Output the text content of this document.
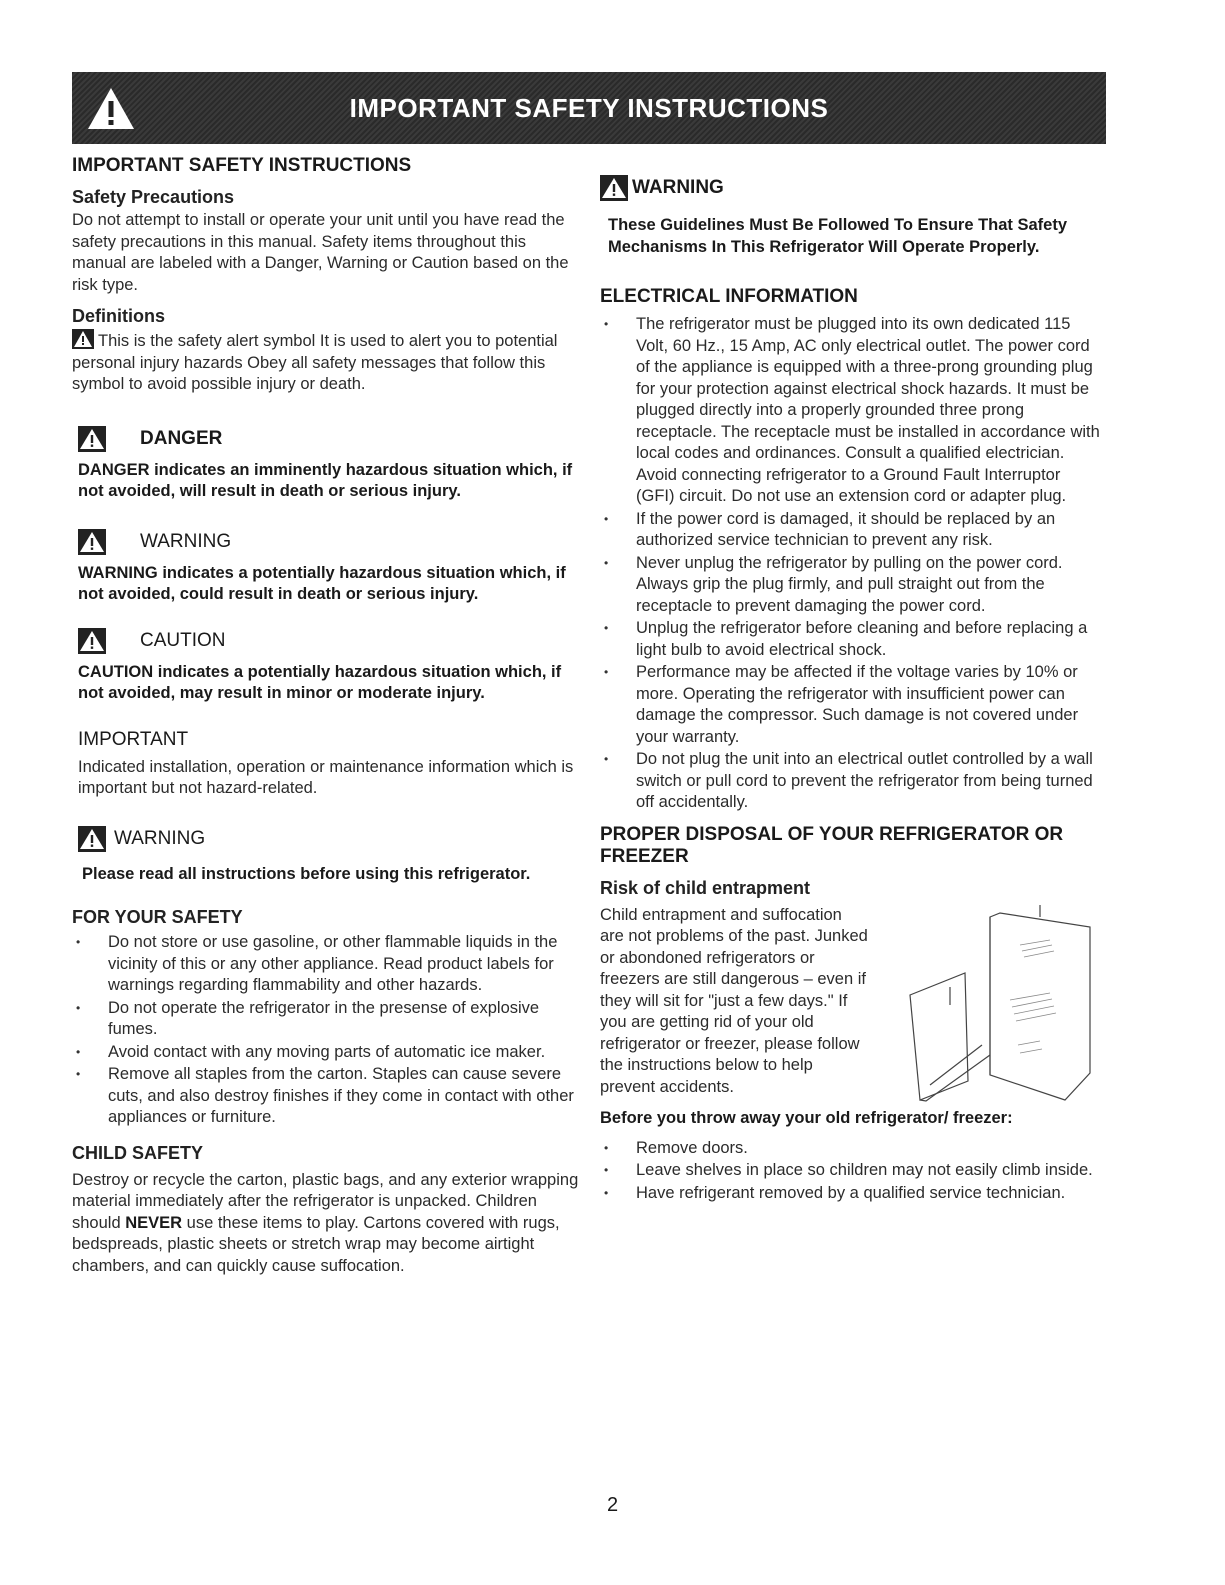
IMPORTANT SAFETY INSTRUCTIONS
IMPORTANT SAFETY INSTRUCTIONS
Safety Precautions

Do not attempt to install or operate your unit until you have read the safety precautions in this manual. Safety items throughout this manual are labeled with a Danger, Warning or Caution based on the risk type.

Definitions

This is the safety alert symbol It is used to alert you to potential personal injury hazards Obey all safety messages that follow this symbol to avoid possible injury or death.

DANGER
DANGER indicates an imminently hazardous situation which, if not avoided, will result in death or serious injury.
WARNING
WARNING indicates a potentially hazardous situation which, if not avoided, could result in death or serious injury.
CAUTION
CAUTION indicates a potentially hazardous situation which, if not avoided, may result in minor or moderate injury.
IMPORTANT

Indicated installation, operation or maintenance information which is important but not hazard-related.

WARNING
Please read all instructions before using this refrigerator.
FOR YOUR SAFETY
• Do not store or use gasoline, or other flammable liquids in the vicinity of this or any other appliance. Read product labels for warnings regarding flammability and other hazards.
• Do not operate the refrigerator in the presense of explosive fumes.
• Avoid contact with any moving parts of automatic ice maker.
• Remove all staples from the carton. Staples can cause severe cuts, and also destroy finishes if they come in contact with other appliances or furniture.
CHILD SAFETY

Destroy or recycle the carton, plastic bags, and any exterior wrapping material immediately after the refrigerator is unpacked. Children should NEVER use these items to play. Cartons covered with rugs, bedspreads, plastic sheets or stretch wrap may become airtight chambers, and can quickly cause suffocation.

WARNING
These Guidelines Must Be Followed To Ensure That Safety Mechanisms In This Refrigerator Will Operate Properly.
ELECTRICAL INFORMATION
• The refrigerator must be plugged into its own dedicated 115 Volt, 60 Hz., 15 Amp, AC only electrical outlet. The power cord of the appliance is equipped with a three-prong grounding plug for your protection against electrical shock hazards. It must be plugged directly into a properly grounded three prong receptacle. The receptacle must be installed in accordance with local codes and ordinances. Consult a qualified electrician. Avoid connecting refrigerator to a Ground Fault Interruptor (GFI) circuit. Do not use an extension cord or adapter plug.
• If the power cord is damaged, it should be replaced by an authorized service technician to prevent any risk.
• Never unplug the refrigerator by pulling on the power cord. Always grip the plug firmly, and pull straight out from the receptacle to prevent damaging the power cord.
• Unplug the refrigerator before cleaning and before replacing a light bulb to avoid electrical shock.
• Performance may be affected if the voltage varies by 10% or more. Operating the refrigerator with insufficient power can damage the compressor. Such damage is not covered under your warranty.
• Do not plug the unit into an electrical outlet controlled by a wall switch or pull cord to prevent the refrigerator from being turned off accidentally.
PROPER DISPOSAL OF YOUR REFRIGERATOR OR FREEZER
Risk of child entrapment

Child entrapment and suffocation are not problems of the past. Junked or abondoned refrigerators or freezers are still dangerous – even if they will sit for "just a few days." If you are getting rid of your old refrigerator or freezer, please follow the instructions below to help prevent accidents.

Before you throw away your old refrigerator/ freezer:
• Remove doors.
• Leave shelves in place so children may not easily climb inside.
• Have refrigerant removed by a qualified service technician.
2
